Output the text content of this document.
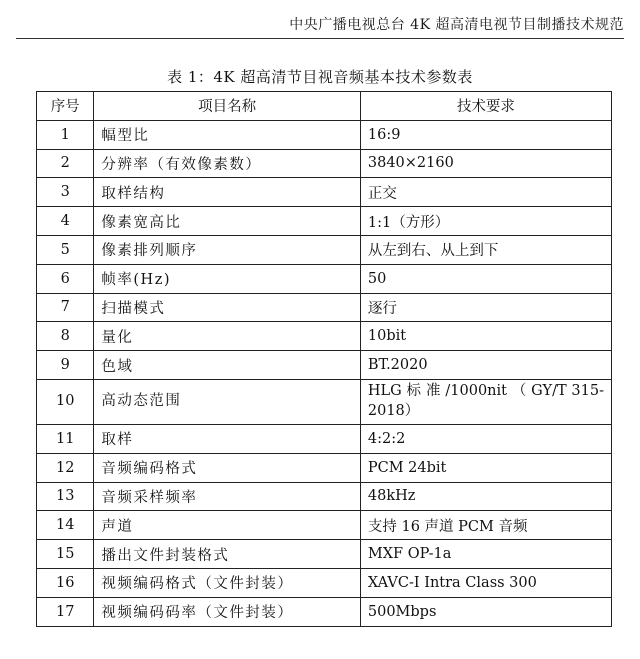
中央广播电视总台 4K 超高清电视节目制播技术规范
表 1：4K 超高清节目视音频基本技术参数表
序号	项目名称	技术要求
1	幅型比	16:9
2	分辨率（有效像素数）	3840×2160
3	取样结构	正交
4	像素宽高比	1:1（方形）
5	像素排列顺序	从左到右、从上到下
6	帧率(Hz)	50
7	扫描模式	逐行
8	量化	10bit
9	色域	BT.2020
10	高动态范围	HLG 标 准 /1000nit （ GY/T 315-2018）

11	取样	4:2:2
12	音频编码格式	PCM 24bit
13	音频采样频率	48kHz
14	声道	支持 16 声道 PCM 音频
15	播出文件封装格式	MXF OP-1a
16	视频编码格式（文件封装）	XAVC-I Intra Class 300
17	视频编码码率（文件封装）	500Mbps
